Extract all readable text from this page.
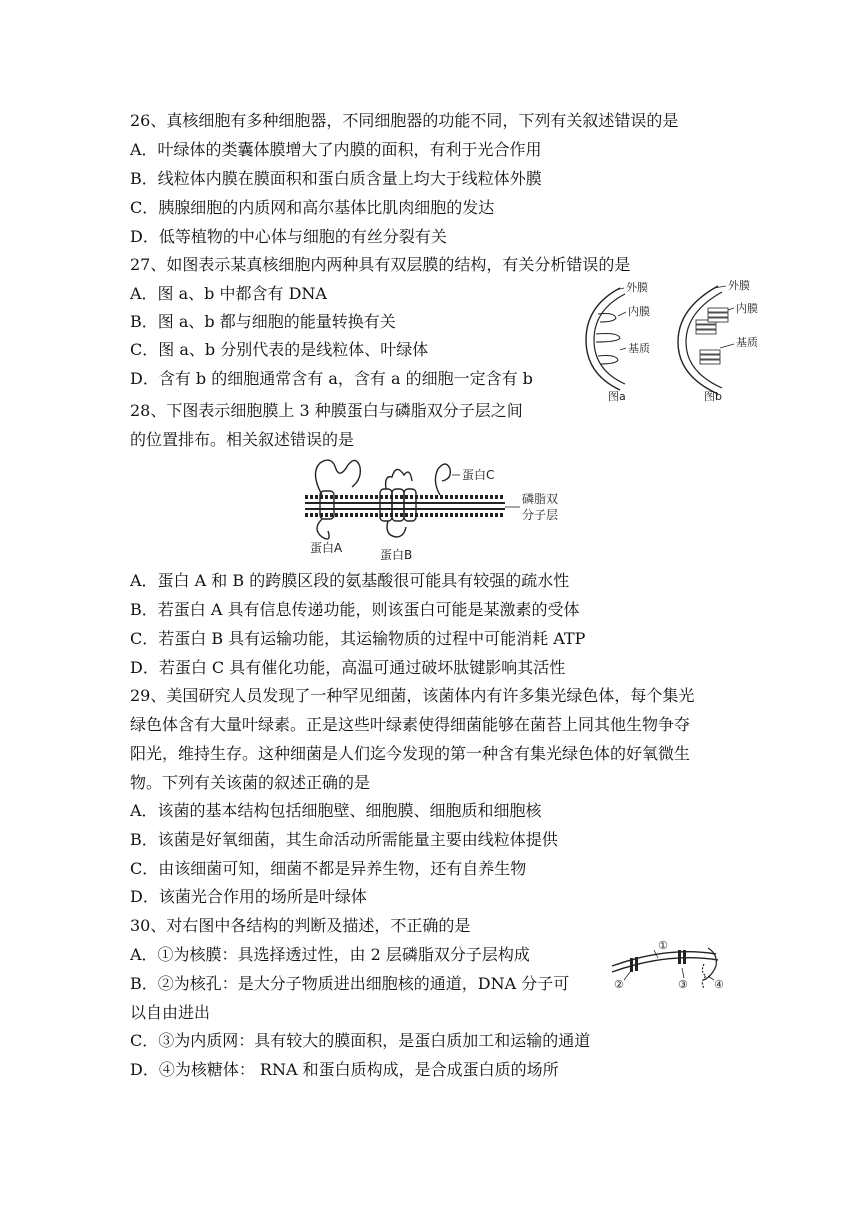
26、真核细胞有多种细胞器，不同细胞器的功能不同，下列有关叙述错误的是
A．叶绿体的类囊体膜增大了内膜的面积，有利于光合作用
B．线粒体内膜在膜面积和蛋白质含量上均大于线粒体外膜
C．胰腺细胞的内质网和高尔基体比肌肉细胞的发达
D．低等植物的中心体与细胞的有丝分裂有关
27、如图表示某真核细胞内两种具有双层膜的结构，有关分析错误的是
A．图 a、b 中都含有 DNA
B．图 a、b 都与细胞的能量转换有关
C．图 a、b 分别代表的是线粒体、叶绿体
D．含有 b 的细胞通常含有 a，含有 a 的细胞一定含有 b
外膜
内膜
基质
图a
外膜
内膜
基质
图b
28、下图表示细胞膜上 3 种膜蛋白与磷脂双分子层之间
的位置排布。相关叙述错误的是
蛋白C
磷脂双
分子层
蛋白A	蛋白B
A．蛋白 A 和 B 的跨膜区段的氨基酸很可能具有较强的疏水性
B．若蛋白 A 具有信息传递功能，则该蛋白可能是某激素的受体
C．若蛋白 B 具有运输功能，其运输物质的过程中可能消耗 ATP
D．若蛋白 C 具有催化功能，高温可通过破坏肽键影响其活性
29、美国研究人员发现了一种罕见细菌，该菌体内有许多集光绿色体，每个集光
绿色体含有大量叶绿素。正是这些叶绿素使得细菌能够在菌苔上同其他生物争夺
阳光，维持生存。这种细菌是人们迄今发现的第一种含有集光绿色体的好氧微生
物。下列有关该菌的叙述正确的是
A．该菌的基本结构包括细胞壁、细胞膜、细胞质和细胞核
B．该菌是好氧细菌，其生命活动所需能量主要由线粒体提供
C．由该细菌可知，细菌不都是异养生物，还有自养生物
D．该菌光合作用的场所是叶绿体
30、对右图中各结构的判断及描述，不正确的是
A．①为核膜：具选择透过性，由 2 层磷脂双分子层构成
B．②为核孔：是大分子物质进出细胞核的通道，DNA 分子可
以自由进出
C．③为内质网：具有较大的膜面积，是蛋白质加工和运输的通道
D．④为核糖体： RNA 和蛋白质构成，是合成蛋白质的场所
①
②	③ ④
